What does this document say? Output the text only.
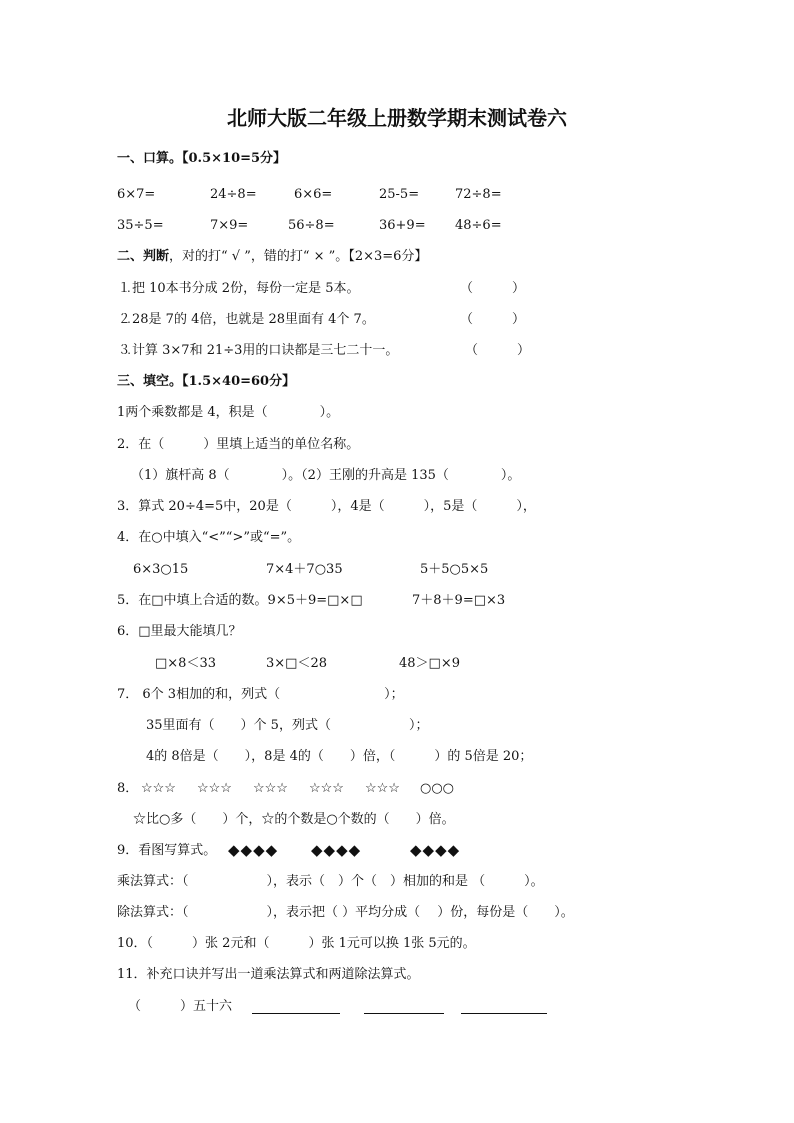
北师大版二年级上册数学期末测试卷六
一、口算。【0.5×10=5分】
6×7=	24÷8=	6×6=	25-5=	72÷8=
35÷5=	7×9=	56÷8=	36+9= 48÷6=
二、判断，对的打“ √ ”，错的打“ × ”。【2×3=6分】
⒈把 10本书分成 2份，每份一定是 5本。	（　　　）
⒉28是 7的 4倍，也就是 28里面有 4个 7。	（　　　）
⒊计算 3×7和 21÷3用的口诀都是三七二十一。	（　　　）
三、填空。【1.5×40=60分】
1两个乘数都是 4，积是（　　　　）。
2．在（　　　）里填上适当的单位名称。
（1）旗杆高 8（　　　　）。（2）王刚的升高是 135（　　　　）。
3．算式 20÷4=5中，20是（　　　），4是（　　　），5是（　　　），
4．在○中填入“<”“>”或“=”。
6×3○15	7×4＋7○35	5＋5○5×5
5．在□中填上合适的数。9×5＋9=□×□	7＋8＋9=□×3
6．□里最大能填几？
□×8＜33	3×□＜28	48＞□×9
7． 6个 3相加的和，列式（　　　　　　　　）；
35里面有（　　）个 5，列式（　　　　　　）；
4的 8倍是（　　），8是 4的（　　）倍，（　　　）的 5倍是 20；
8． ☆☆☆ ☆☆☆ ☆☆☆ ☆☆☆ ☆☆☆ ○○○
☆比○多（　　）个，☆的个数是○个数的（　　）倍。
9．看图写算式。 ◆◆◆◆ ◆◆◆◆	◆◆◆◆
乘法算式：（　　　　　　），表示（　）个（　）相加的和是 （　　　）。
除法算式：（　　　　　　），表示把（ ）平均分成（　 ）份，每份是（　　）。
10．（　　　）张 2元和（　　　）张 1元可以换 1张 5元的。
11．补充口诀并写出一道乘法算式和两道除法算式。
（　　　）五十六
